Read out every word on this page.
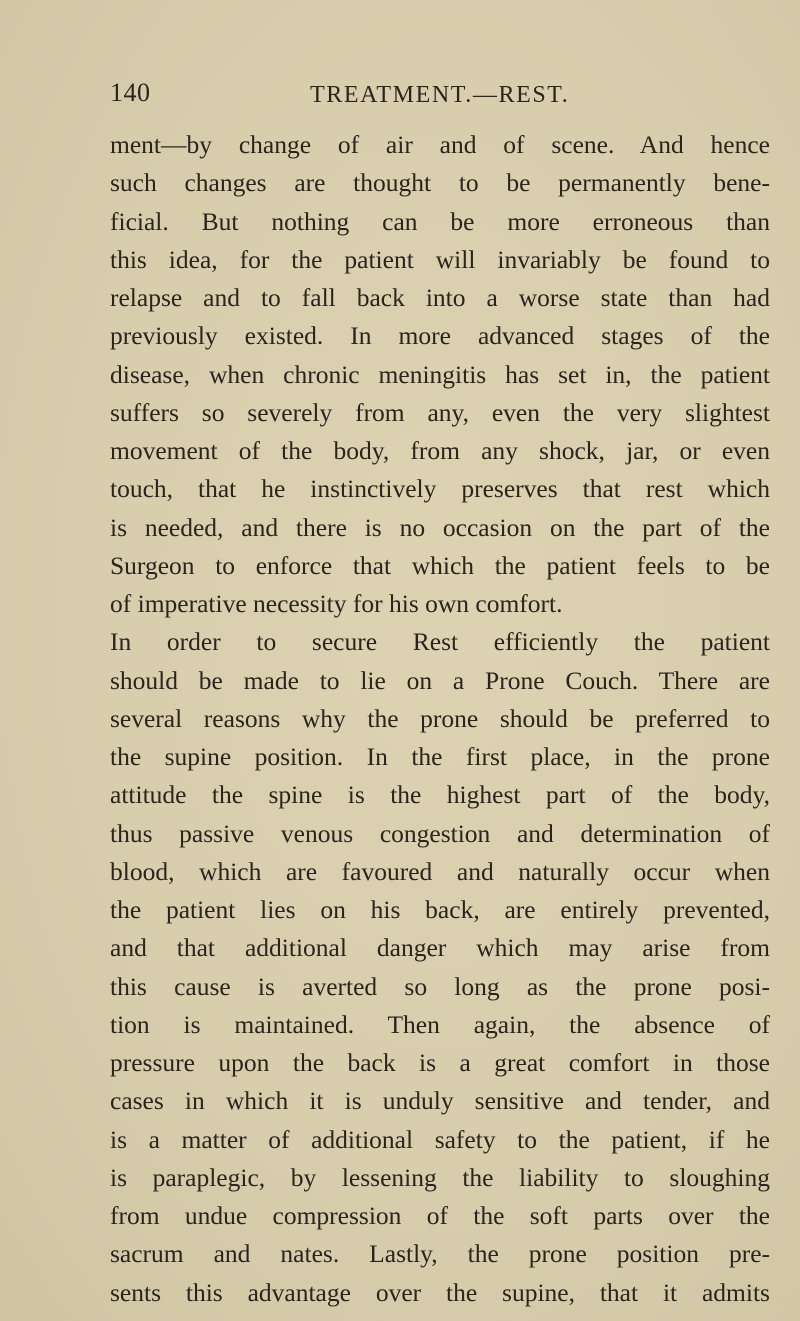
140	TREATMENT.—REST.
ment—by change of air and of scene. And hence
such changes are thought to be permanently bene-
ficial. But nothing can be more erroneous than
this idea, for the patient will invariably be found to
relapse and to fall back into a worse state than had
previously existed. In more advanced stages of the
disease, when chronic meningitis has set in, the patient
suffers so severely from any, even the very slightest
movement of the body, from any shock, jar, or even
touch, that he instinctively preserves that rest which
is needed, and there is no occasion on the part of the
Surgeon to enforce that which the patient feels to be
of imperative necessity for his own comfort.
In order to secure Rest efficiently the patient
should be made to lie on a Prone Couch. There are
several reasons why the prone should be preferred to
the supine position. In the first place, in the prone
attitude the spine is the highest part of the body,
thus passive venous congestion and determination of
blood, which are favoured and naturally occur when
the patient lies on his back, are entirely prevented,
and that additional danger which may arise from
this cause is averted so long as the prone posi-
tion is maintained. Then again, the absence of
pressure upon the back is a great comfort in those
cases in which it is unduly sensitive and tender, and
is a matter of additional safety to the patient, if he
is paraplegic, by lessening the liability to sloughing
from undue compression of the soft parts over the
sacrum and nates. Lastly, the prone position pre-
sents this advantage over the supine, that it admits
